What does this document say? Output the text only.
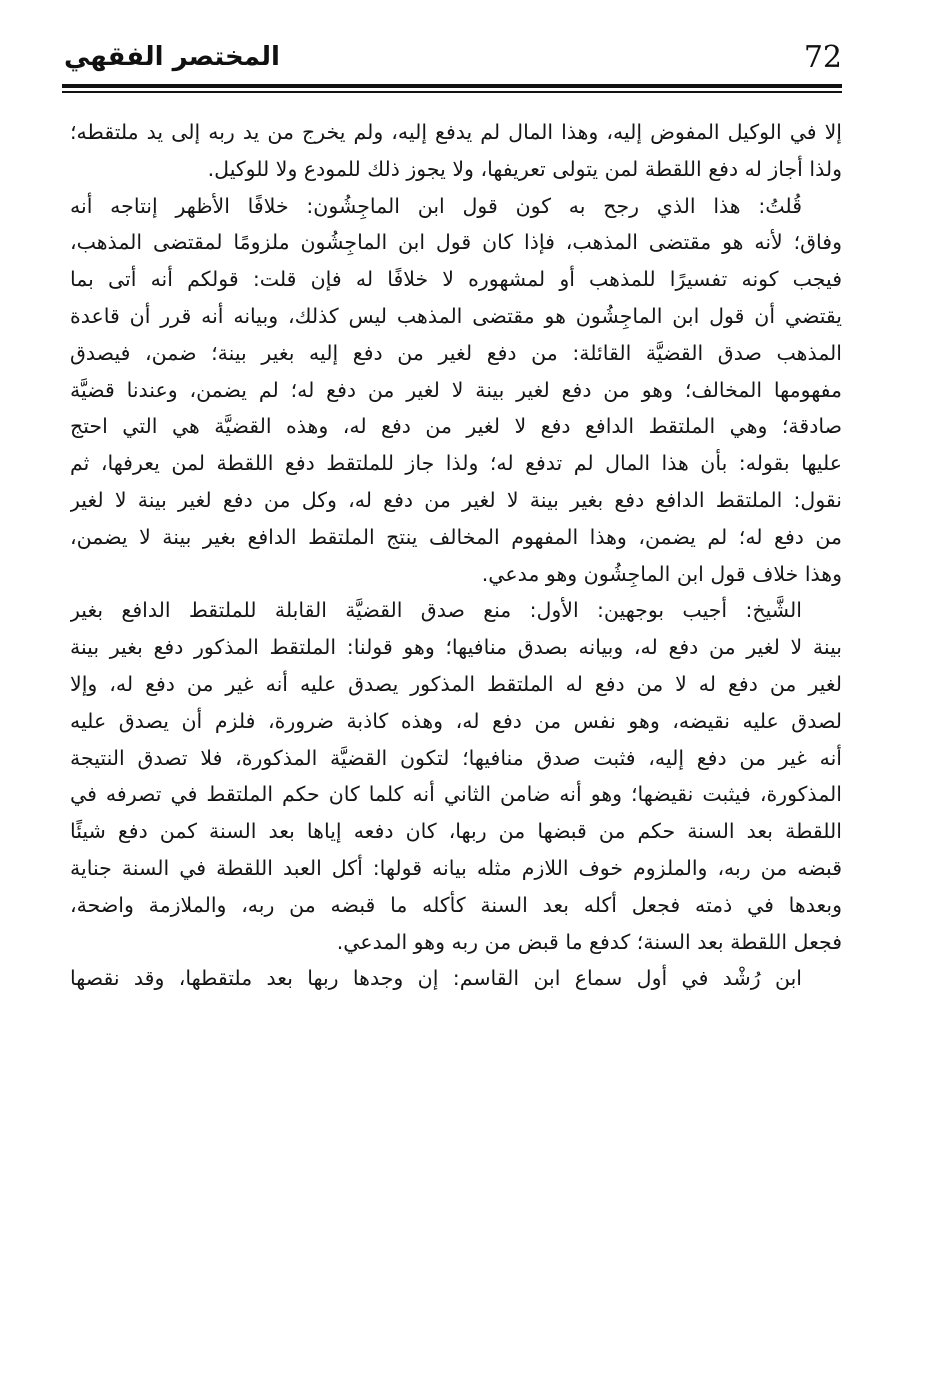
72
المختصر الفقهي
إلا في الوكيل المفوض إليه، وهذا المال لم يدفع إليه، ولم يخرج من يد ربه إلى يد ملتقطه؛
ولذا أجاز له دفع اللقطة لمن يتولى تعريفها، ولا يجوز ذلك للمودع ولا للوكيل.
قُلتُ: هذا الذي رجح به كون قول ابن الماجِشُون: خلافًا الأظهر إنتاجه أنه
وفاق؛ لأنه هو مقتضى المذهب، فإذا كان قول ابن الماجِشُون ملزومًا لمقتضى المذهب،
فيجب كونه تفسيرًا للمذهب أو لمشهوره لا خلافًا له فإن قلت: قولكم أنه أتى بما
يقتضي أن قول ابن الماجِشُون هو مقتضى المذهب ليس كذلك، وبيانه أنه قرر أن قاعدة
المذهب صدق القضيَّة القائلة: من دفع لغير من دفع إليه بغير بينة؛ ضمن، فيصدق
مفهومها المخالف؛ وهو من دفع لغير بينة لا لغير من دفع له؛ لم يضمن، وعندنا قضيَّة
صادقة؛ وهي الملتقط الدافع دفع لا لغير من دفع له، وهذه القضيَّة هي التي احتج
عليها بقوله: بأن هذا المال لم تدفع له؛ ولذا جاز للملتقط دفع اللقطة لمن يعرفها، ثم
نقول: الملتقط الدافع دفع بغير بينة لا لغير من دفع له، وكل من دفع لغير بينة لا لغير
من دفع له؛ لم يضمن، وهذا المفهوم المخالف ينتج الملتقط الدافع بغير بينة لا يضمن،
وهذا خلاف قول ابن الماجِشُون وهو مدعي.
الشَّيخ: أجيب بوجهين: الأول: منع صدق القضيَّة القابلة للملتقط الدافع بغير
بينة لا لغير من دفع له، وبيانه بصدق منافيها؛ وهو قولنا: الملتقط المذكور دفع بغير بينة
لغير من دفع له لا من دفع له الملتقط المذكور يصدق عليه أنه غير من دفع له، وإلا
لصدق عليه نقيضه، وهو نفس من دفع له، وهذه كاذبة ضرورة، فلزم أن يصدق عليه
أنه غير من دفع إليه، فثبت صدق منافيها؛ لتكون القضيَّة المذكورة، فلا تصدق النتيجة
المذكورة، فيثبت نقيضها؛ وهو أنه ضامن الثاني أنه كلما كان حكم الملتقط في تصرفه في
اللقطة بعد السنة حكم من قبضها من ربها، كان دفعه إياها بعد السنة كمن دفع شيئًا
قبضه من ربه، والملزوم خوف اللازم مثله بيانه قولها: أكل العبد اللقطة في السنة جناية
وبعدها في ذمته فجعل أكله بعد السنة كأكله ما قبضه من ربه، والملازمة واضحة،
فجعل اللقطة بعد السنة؛ كدفع ما قبض من ربه وهو المدعي.
ابن رُشْد في أول سماع ابن القاسم: إن وجدها ربها بعد ملتقطها، وقد نقصها
